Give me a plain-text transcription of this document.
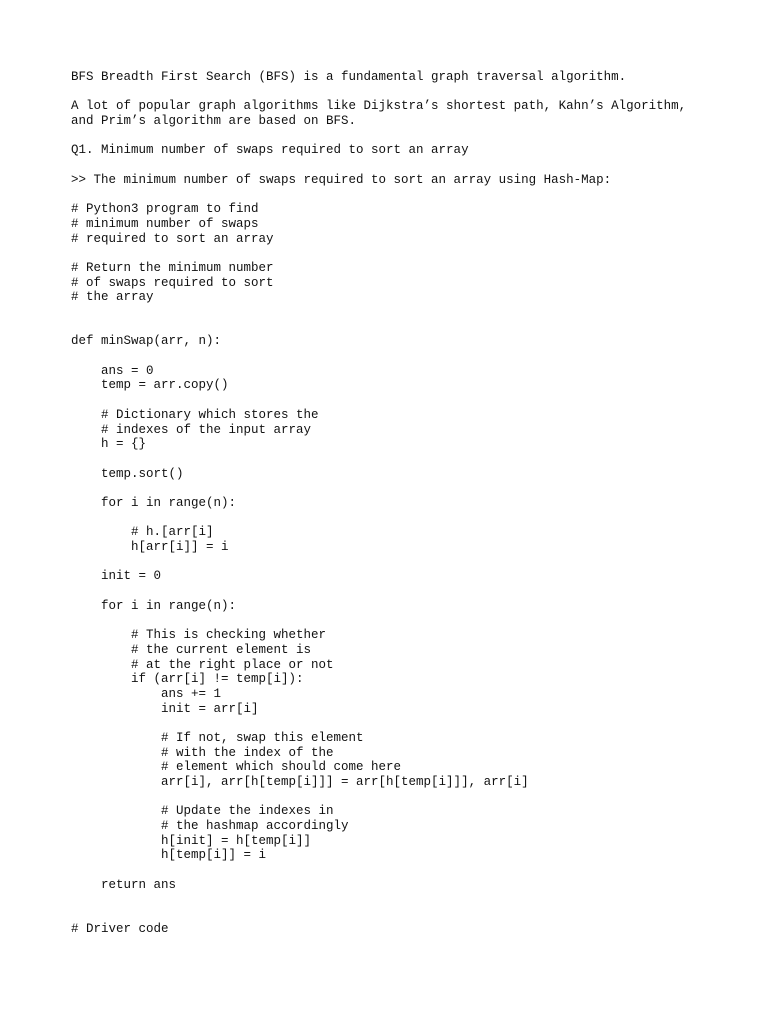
BFS Breadth First Search (BFS) is a fundamental graph traversal algorithm.
A lot of popular graph algorithms like Dijkstra’s shortest path, Kahn’s Algorithm,
and Prim’s algorithm are based on BFS.
Q1. Minimum number of swaps required to sort an array
>> The minimum number of swaps required to sort an array using Hash-Map:
# Python3 program to find
# minimum number of swaps
# required to sort an array
# Return the minimum number
# of swaps required to sort
# the array
def minSwap(arr, n):
ans = 0
temp = arr.copy()
# Dictionary which stores the
# indexes of the input array
h = {}
temp.sort()
for i in range(n):
# h.[arr[i]
h[arr[i]] = i
init = 0
for i in range(n):
# This is checking whether
# the current element is
# at the right place or not
if (arr[i] != temp[i]):
ans += 1
init = arr[i]
# If not, swap this element
# with the index of the
# element which should come here
arr[i], arr[h[temp[i]]] = arr[h[temp[i]]], arr[i]
# Update the indexes in
# the hashmap accordingly
h[init] = h[temp[i]]
h[temp[i]] = i
return ans
# Driver code
